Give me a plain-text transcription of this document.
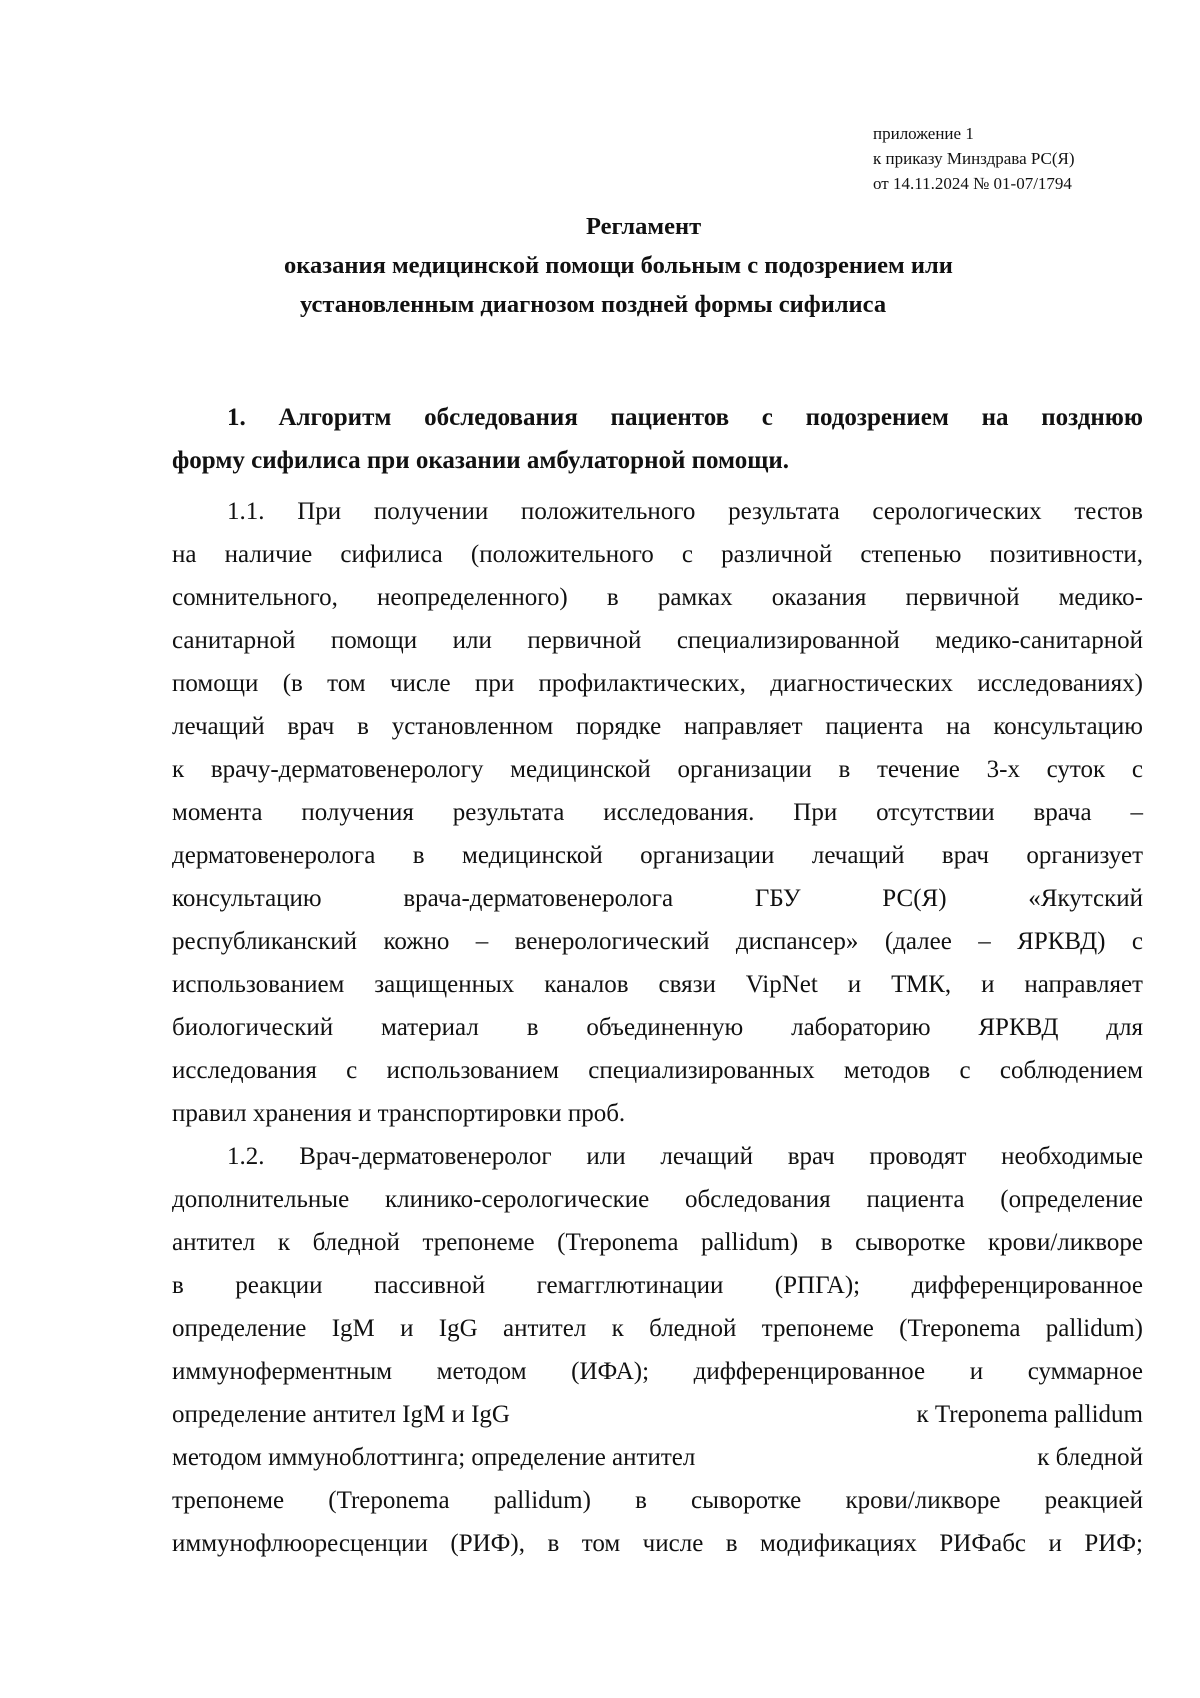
приложение 1
к приказу Минздрава РС(Я)
от 14.11.2024 № 01-07/1794
Регламент
оказания медицинской помощи больным с подозрением или
установленным диагнозом поздней формы сифилиса
1. Алгоритм обследования пациентов с подозрением на позднюю
форму сифилиса при оказании амбулаторной помощи.
1.1. При получении положительного результата серологических тестов
на наличие сифилиса (положительного с различной степенью позитивности,
сомнительного, неопределенного) в рамках оказания первичной медико-
санитарной помощи или первичной специализированной медико-санитарной
помощи (в том числе при профилактических, диагностических исследованиях)
лечащий врач в установленном порядке направляет пациента на консультацию
к врачу-дерматовенерологу медицинской организации в течение 3-х суток с
момента получения результата исследования. При отсутствии врача –
дерматовенеролога в медицинской организации лечащий врач организует
консультацию врача-дерматовенеролога ГБУ РС(Я) «Якутский
республиканский кожно – венерологический диспансер» (далее – ЯРКВД) с
использованием защищенных каналов связи VipNet и ТМК, и направляет
биологический материал в объединенную лабораторию ЯРКВД для
исследования с использованием специализированных методов с соблюдением
правил хранения и транспортировки проб.
1.2. Врач-дерматовенеролог или лечащий врач проводят необходимые
дополнительные клинико-серологические обследования пациента (определение
антител к бледной трепонеме (Treponema pallidum) в сыворотке крови/ликворе
в реакции пассивной гемагглютинации (РПГА); дифференцированное
определение IgM и IgG антител к бледной трепонеме (Treponema pallidum)
иммуноферментным методом (ИФА); дифференцированное и суммарное
определение антител IgM и IgG	к Treponema pallidum
методом иммуноблоттинга; определение антител	к бледной
трепонеме (Treponema pallidum) в сыворотке крови/ликворе реакцией
иммунофлюоресценции (РИФ), в том числе в модификациях РИФабс и РИФ;
